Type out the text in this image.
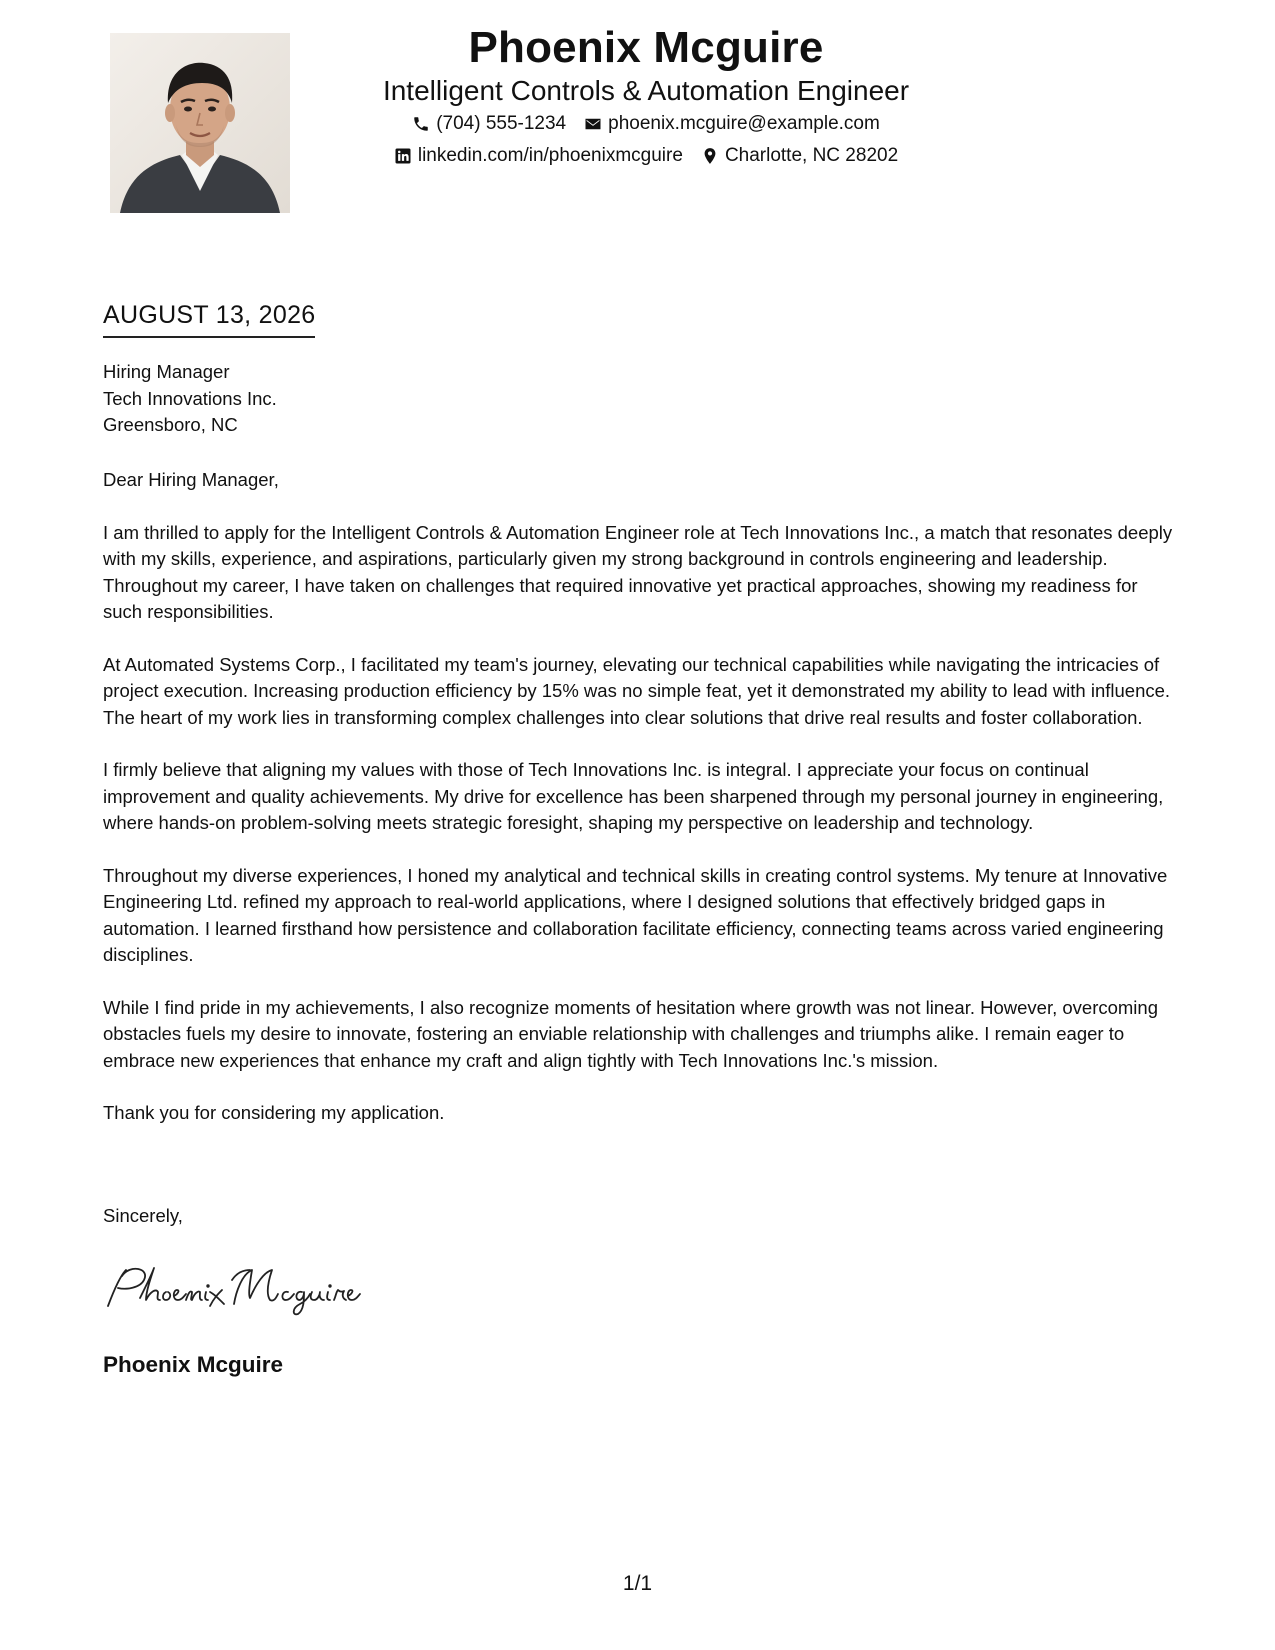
Phoenix Mcguire
Intelligent Controls & Automation Engineer
(704) 555-1234 phoenix.mcguire@example.com
linkedin.com/in/phoenixmcguire Charlotte, NC 28202
AUGUST 13, 2026
Hiring Manager
Tech Innovations Inc.
Greensboro, NC

Dear Hiring Manager,

I am thrilled to apply for the Intelligent Controls & Automation Engineer role at Tech Innovations Inc., a match that resonates deeply with my skills, experience, and aspirations, particularly given my strong background in controls engineering and leadership. Throughout my career, I have taken on challenges that required innovative yet practical approaches, showing my readiness for such responsibilities.

At Automated Systems Corp., I facilitated my team's journey, elevating our technical capabilities while navigating the intricacies of project execution. Increasing production efficiency by 15% was no simple feat, yet it demonstrated my ability to lead with influence. The heart of my work lies in transforming complex challenges into clear solutions that drive real results and foster collaboration.

I firmly believe that aligning my values with those of Tech Innovations Inc. is integral. I appreciate your focus on continual improvement and quality achievements. My drive for excellence has been sharpened through my personal journey in engineering, where hands-on problem-solving meets strategic foresight, shaping my perspective on leadership and technology.

Throughout my diverse experiences, I honed my analytical and technical skills in creating control systems. My tenure at Innovative Engineering Ltd. refined my approach to real-world applications, where I designed solutions that effectively bridged gaps in automation. I learned firsthand how persistence and collaboration facilitate efficiency, connecting teams across varied engineering disciplines.

While I find pride in my achievements, I also recognize moments of hesitation where growth was not linear. However, overcoming obstacles fuels my desire to innovate, fostering an enviable relationship with challenges and triumphs alike. I remain eager to embrace new experiences that enhance my craft and align tightly with Tech Innovations Inc.'s mission.

Thank you for considering my application.

Sincerely,
Phoenix Mcguire
1/1
